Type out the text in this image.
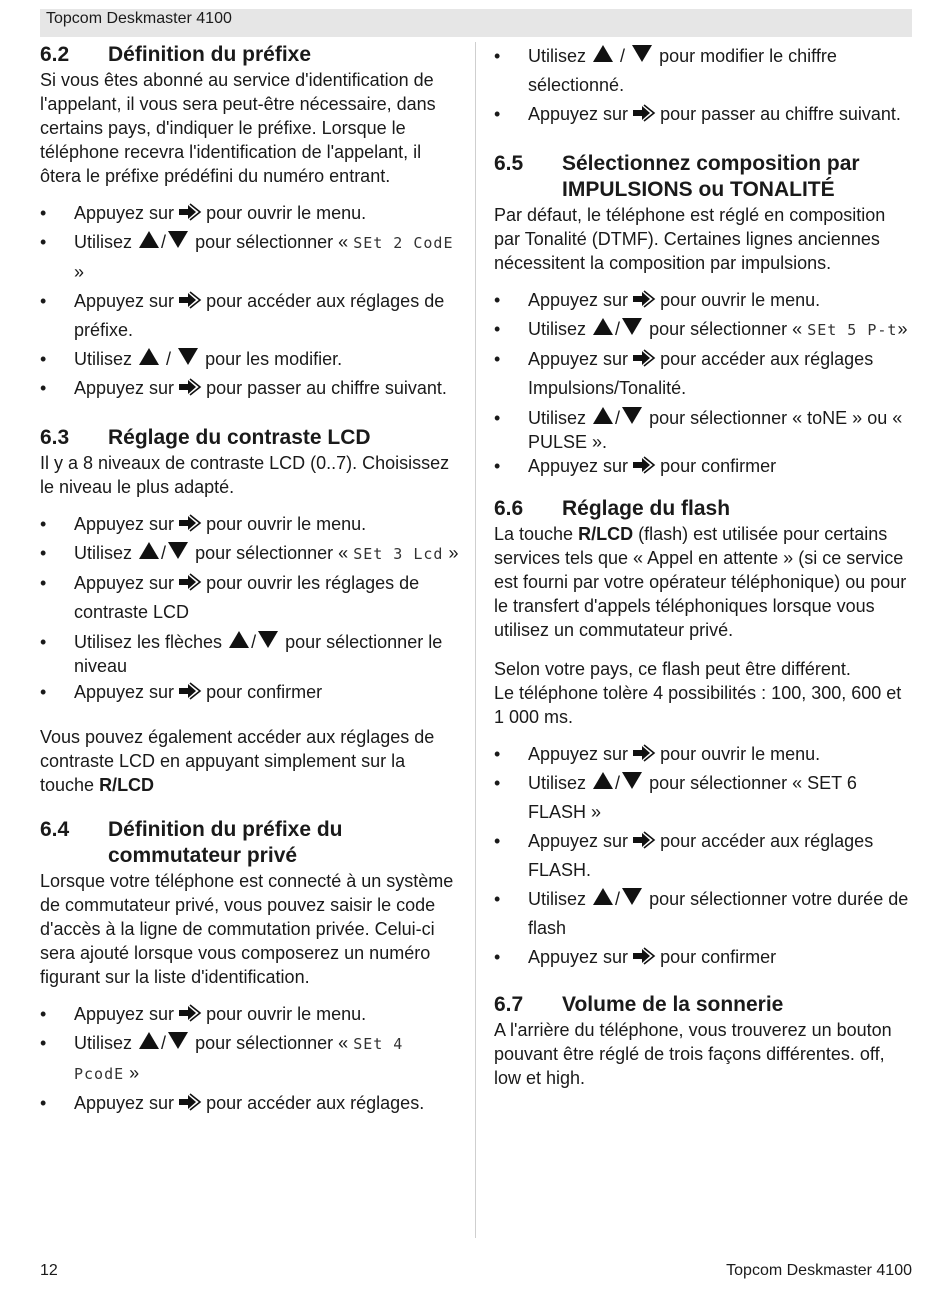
Topcom Deskmaster 4100
6.2	Définition du préfixe

Si vous êtes abonné au service d'identification de l'appelant, il vous sera peut-être nécessaire, dans certains pays, d'indiquer le préfixe. Lorsque le téléphone recevra l'identification de l'appelant, il ôtera le préfixe prédéfini du numéro entrant.

• Appuyez sur pour ouvrir le menu.
• Utilisez / pour sélectionner « SEt 2 CodE »
• Appuyez sur pour accéder aux réglages de préfixe.
• Utilisez / pour les modifier.
• Appuyez sur pour passer au chiffre suivant.
6.3	Réglage du contraste LCD

Il y a 8 niveaux de contraste LCD (0..7). Choisissez le niveau le plus adapté.

• Appuyez sur pour ouvrir le menu.
• Utilisez / pour sélectionner « SEt 3 Lcd »
• Appuyez sur pour ouvrir les réglages de contraste LCD
• Utilisez les flèches / pour sélectionner le niveau
• Appuyez sur pour confirmer

Vous pouvez également accéder aux réglages de contraste LCD en appuyant simplement sur la touche R/LCD

6.4	Définition du préfixe du commutateur privé

Lorsque votre téléphone est connecté à un système de commutateur privé, vous pouvez saisir le code d'accès à la ligne de commutation privée. Celui-ci sera ajouté lorsque vous composerez un numéro figurant sur la liste d'identification.

• Appuyez sur pour ouvrir le menu.
• Utilisez / pour sélectionner « SEt 4 PcodE »
• Appuyez sur pour accéder aux réglages.
• Utilisez / pour modifier le chiffre sélectionné.
• Appuyez sur pour passer au chiffre suivant.
6.5	Sélectionnez composition par IMPULSIONS ou TONALITÉ

Par défaut, le téléphone est réglé en composition par Tonalité (DTMF). Certaines lignes anciennes nécessitent la composition par impulsions.

• Appuyez sur pour ouvrir le menu.
• Utilisez / pour sélectionner « SEt 5 P-t»
• Appuyez sur pour accéder aux réglages Impulsions/Tonalité.
• Utilisez / pour sélectionner « toNE » ou « PULSE ».
• Appuyez sur pour confirmer
6.6	Réglage du flash

La touche R/LCD (flash) est utilisée pour certains services tels que « Appel en attente » (si ce service est fourni par votre opérateur téléphonique) ou pour le transfert d'appels téléphoniques lorsque vous utilisez un commutateur privé.

Selon votre pays, ce flash peut être différent.
Le téléphone tolère 4 possibilités : 100, 300, 600 et 1 000 ms.

• Appuyez sur pour ouvrir le menu.
• Utilisez / pour sélectionner « SET 6 FLASH »
• Appuyez sur pour accéder aux réglages FLASH.
• Utilisez / pour sélectionner votre durée de flash
• Appuyez sur pour confirmer
6.7	Volume de la sonnerie

A l'arrière du téléphone, vous trouverez un bouton pouvant être réglé de trois façons différentes. off, low et high.

12	Topcom Deskmaster 4100
